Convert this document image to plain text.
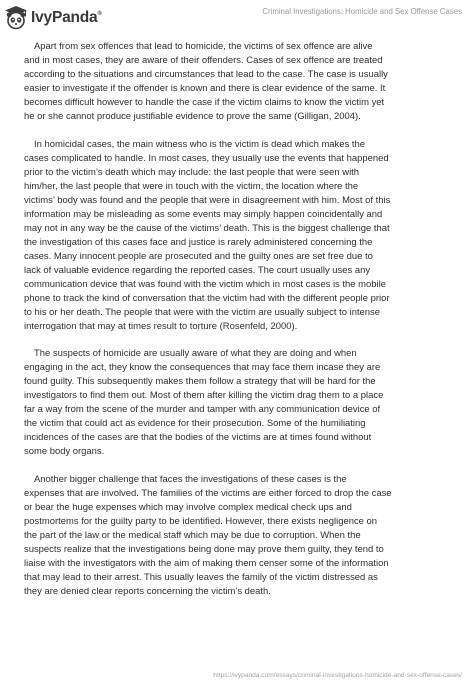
IvyPanda®	Criminal Investigations: Homicide and Sex Offense Cases
Apart from sex offences that lead to homicide, the victims of sex offence are alive
and in most cases, they are aware of their offenders. Cases of sex offence are treated
according to the situations and circumstances that lead to the case. The case is usually
easier to investigate if the offender is known and there is clear evidence of the same. It
becomes difficult however to handle the case if the victim claims to know the victim yet
he or she cannot produce justifiable evidence to prove the same (Gilligan, 2004).
In homicidal cases, the main witness who is the victim is dead which makes the
cases complicated to handle. In most cases, they usually use the events that happened
prior to the victim’s death which may include: the last people that were seen with
him/her, the last people that were in touch with the victim, the location where the
victims’ body was found and the people that were in disagreement with him. Most of this
information may be misleading as some events may simply happen coincidentally and
may not in any way be the cause of the victims’ death. This is the biggest challenge that
the investigation of this cases face and justice is rarely administered concerning the
cases. Many innocent people are prosecuted and the guilty ones are set free due to
lack of valuable evidence regarding the reported cases. The court usually uses any
communication device that was found with the victim which in most cases is the mobile
phone to track the kind of conversation that the victim had with the different people prior
to his or her death. The people that were with the victim are usually subject to intense
interrogation that may at times result to torture (Rosenfeld, 2000).
The suspects of homicide are usually aware of what they are doing and when
engaging in the act, they know the consequences that may face them incase they are
found guilty. This subsequently makes them follow a strategy that will be hard for the
investigators to find them out. Most of them after killing the victim drag them to a place
far a way from the scene of the murder and tamper with any communication device of
the victim that could act as evidence for their prosecution. Some of the humiliating
incidences of the cases are that the bodies of the victims are at times found without
some body organs.
Another bigger challenge that faces the investigations of these cases is the
expenses that are involved. The families of the victims are either forced to drop the case
or bear the huge expenses which may involve complex medical check ups and
postmortems for the guilty party to be identified. However, there exists negligence on
the part of the law or the medical staff which may be due to corruption. When the
suspects realize that the investigations being done may prove them guilty, they tend to
liaise with the investigators with the aim of making them censer some of the information
that may lead to their arrest. This usually leaves the family of the victim distressed as
they are denied clear reports concerning the victim’s death.
https://ivypanda.com/essays/criminal-investigations-homicide-and-sex-offense-cases/
